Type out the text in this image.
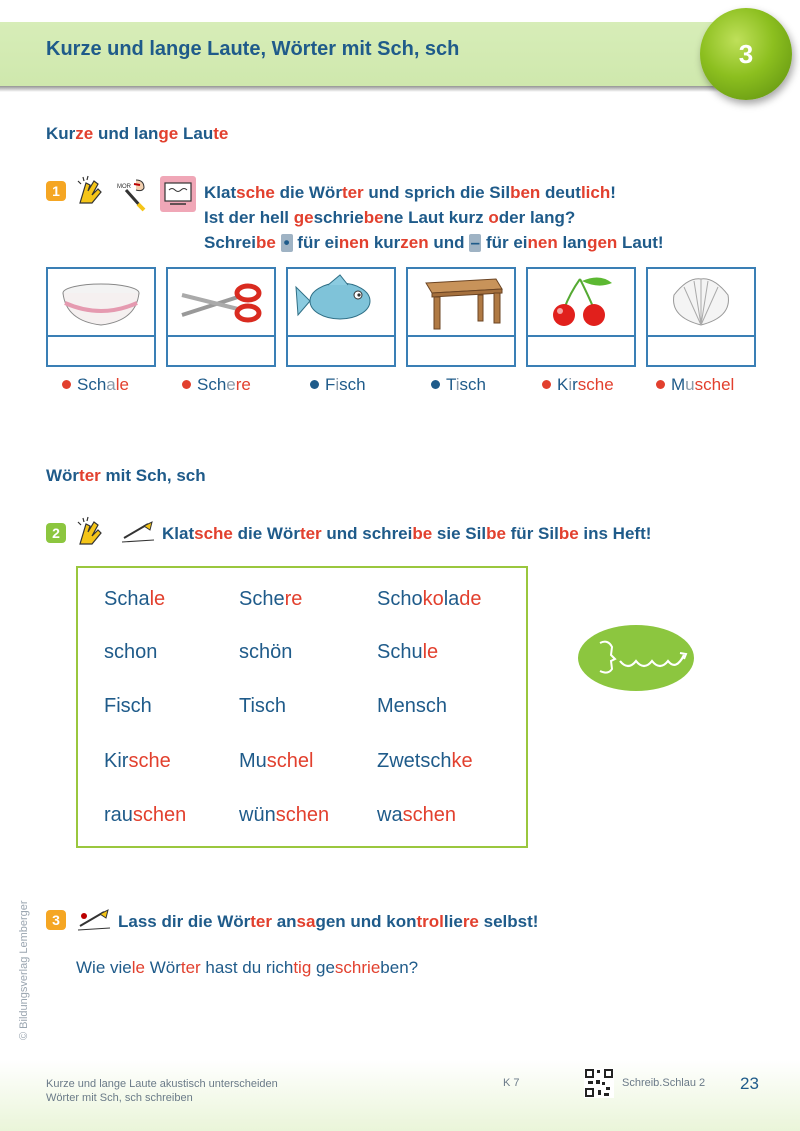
Kurze und lange Laute, Wörter mit Sch, sch	3
Kurze und lange Laute
1	MOR	Klatsche die Wörter und sprich die Silben deutlich!
Ist der hell geschriebene Laut kurz oder lang?
Schreibe • für einen kurzen und – für einen langen Laut!
Schale	Schere	Fisch	Tisch	Kirsche	Muschel
Wörter mit Sch, sch
2	Klatsche die Wörter und schreibe sie Silbe für Silbe ins Heft!
Schale	Schere	Schokolade
schon	schön	Schule
Fisch	Tisch	Mensch
Kirsche	Muschel	Zwetschke
rauschen	wünschen waschen
3	Lass dir die Wörter ansagen und kontrolliere selbst!
Wie viele Wörter hast du richtig geschrieben?
© Bildungsverlag Lemberger
Kurze und lange Laute akustisch unterscheiden
Wörter mit Sch, sch schreiben
K 7	Schreib.Schlau 2 23
